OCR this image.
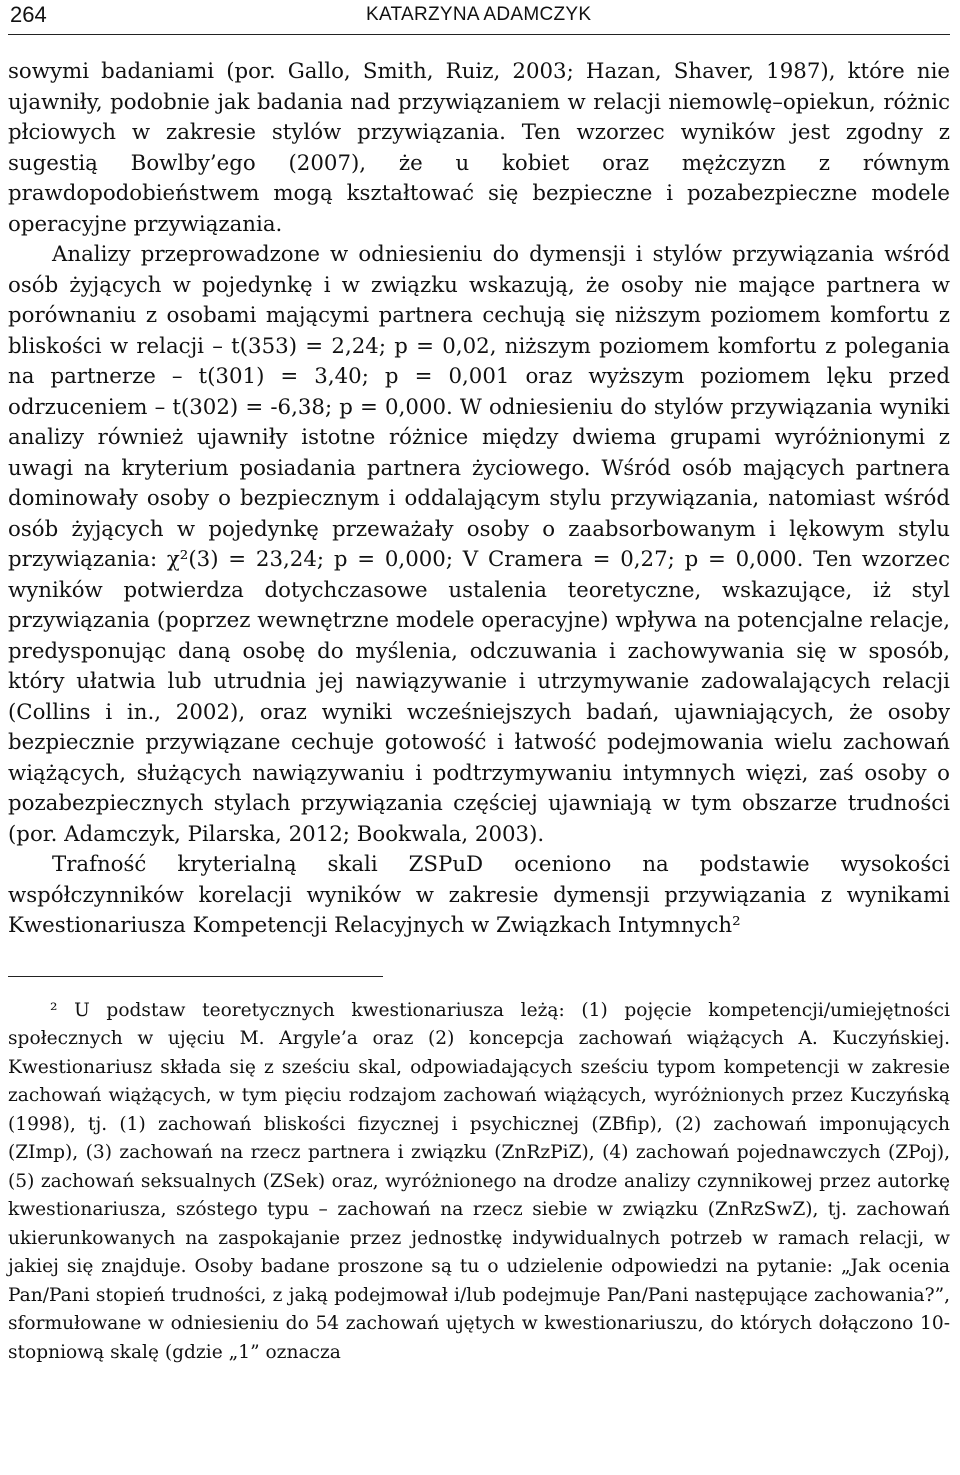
264	KATARZYNA ADAMCZYK

sowymi badaniami (por. Gallo, Smith, Ruiz, 2003; Hazan, Shaver, 1987), które nie ujawniły, podobnie jak badania nad przywiązaniem w relacji niemowlę–opiekun, różnic płciowych w zakresie stylów przywiązania. Ten wzorzec wyników jest zgodny z sugestią Bowlby’ego (2007), że u kobiet oraz mężczyzn z równym prawdopodobieństwem mogą kształtować się bezpieczne i pozabezpieczne modele operacyjne przywiązania.

Analizy przeprowadzone w odniesieniu do dymensji i stylów przywiązania wśród osób żyjących w pojedynkę i w związku wskazują, że osoby nie mające partnera w porównaniu z osobami mającymi partnera cechują się niższym poziomem komfortu z bliskości w relacji – t(353) = 2,24; p = 0,02, niższym poziomem komfortu z polegania na partnerze – t(301) = 3,40; p = 0,001 oraz wyższym poziomem lęku przed odrzuceniem – t(302) = -6,38; p = 0,000. W odniesieniu do stylów przywiązania wyniki analizy również ujawniły istotne różnice między dwiema grupami wyróżnionymi z uwagi na kryterium posiadania partnera życiowego. Wśród osób mających partnera dominowały osoby o bezpiecznym i oddalającym stylu przywiązania, natomiast wśród osób żyjących w pojedynkę przeważały osoby o zaabsorbowanym i lękowym stylu przywiązania: χ²(3) = 23,24; p = 0,000; V Cramera = 0,27; p = 0,000. Ten wzorzec wyników potwierdza dotychczasowe ustalenia teoretyczne, wskazujące, iż styl przywiązania (poprzez wewnętrzne modele operacyjne) wpływa na potencjalne relacje, predysponując daną osobę do myślenia, odczuwania i zachowywania się w sposób, który ułatwia lub utrudnia jej nawiązywanie i utrzymywanie zadowalających relacji (Collins i in., 2002), oraz wyniki wcześniejszych badań, ujawniających, że osoby bezpiecznie przywiązane cechuje gotowość i łatwość podejmowania wielu zachowań wiążących, służących nawiązywaniu i podtrzymywaniu intymnych więzi, zaś osoby o pozabezpiecznych stylach przywiązania częściej ujawniają w tym obszarze trudności (por. Adamczyk, Pilarska, 2012; Bookwala, 2003).

Trafność kryterialną skali ZSPuD oceniono na podstawie wysokości współczynników korelacji wyników w zakresie dymensji przywiązania z wynikami Kwestionariusza Kompetencji Relacyjnych w Związkach Intymnych²

² U podstaw teoretycznych kwestionariusza leżą: (1) pojęcie kompetencji/umiejętności społecznych w ujęciu M. Argyle’a oraz (2) koncepcja zachowań wiążących A. Kuczyńskiej. Kwestionariusz składa się z sześciu skal, odpowiadających sześciu typom kompetencji w zakresie zachowań wiążących, w tym pięciu rodzajom zachowań wiążących, wyróżnionych przez Kuczyńską (1998), tj. (1) zachowań bliskości fizycznej i psychicznej (ZBfip), (2) zachowań imponujących (ZImp), (3) zachowań na rzecz partnera i związku (ZnRzPiZ), (4) zachowań pojednawczych (ZPoj), (5) zachowań seksualnych (ZSek) oraz, wyróżnionego na drodze analizy czynnikowej przez autorkę kwestionariusza, szóstego typu – zachowań na rzecz siebie w związku (ZnRzSwZ), tj. zachowań ukierunkowanych na zaspokajanie przez jednostkę indywidualnych potrzeb w ramach relacji, w jakiej się znajduje. Osoby badane proszone są tu o udzielenie odpowiedzi na pytanie: „Jak ocenia Pan/Pani stopień trudności, z jaką podejmował i/lub podejmuje Pan/Pani następujące zachowania?”, sformułowane w odniesieniu do 54 zachowań ujętych w kwestionariuszu, do których dołączono 10-stopniową skalę (gdzie „1” oznacza
